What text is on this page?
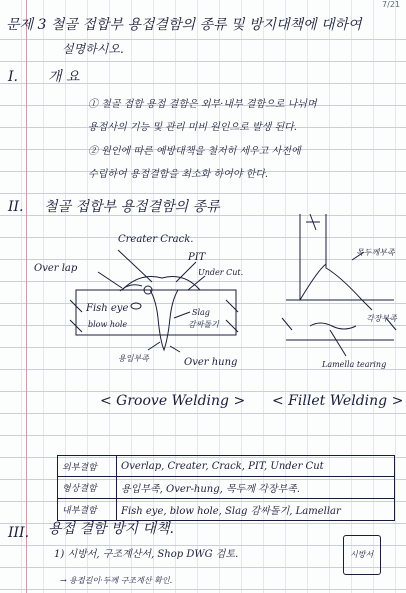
7/21
문제 3 철골 접합부 용접결함의 종류 및 방지대책에 대하여
설명하시오.
I. 개 요
① 철골 접합 용접 결함은 외부·내부 결함으로 나뉘며
용접사의 기능 및 관리 미비 원인으로 발생 된다.
② 원인에 따른 예방대책을 철저히 세우고 사전에
수립하여 용접결함을 최소화 하여야 한다.
II. 철골 접합부 용접결함의 종류
Creater Crack.
PIT
Under Cut.
Over lap
Fish eye
blow hole
Slag
감싸돌기
용입부족	Over hung
목두께부족
각장부족
Lamella tearing
< Groove Welding > < Fillet Welding >
외부결함	Overlap, Creater, Crack, PIT, Under Cut
형상결함	용입부족, Over-hung, 목두께 각장부족.
내부결함	Fish eye, blow hole, Slag 감싸돌기, Lamellar
III. 용접 결함 방지 대책.
1) 시방서, 구조계산서, Shop DWG 검토.
→ 용접길이·두께 구조계산 확인.
시방서
